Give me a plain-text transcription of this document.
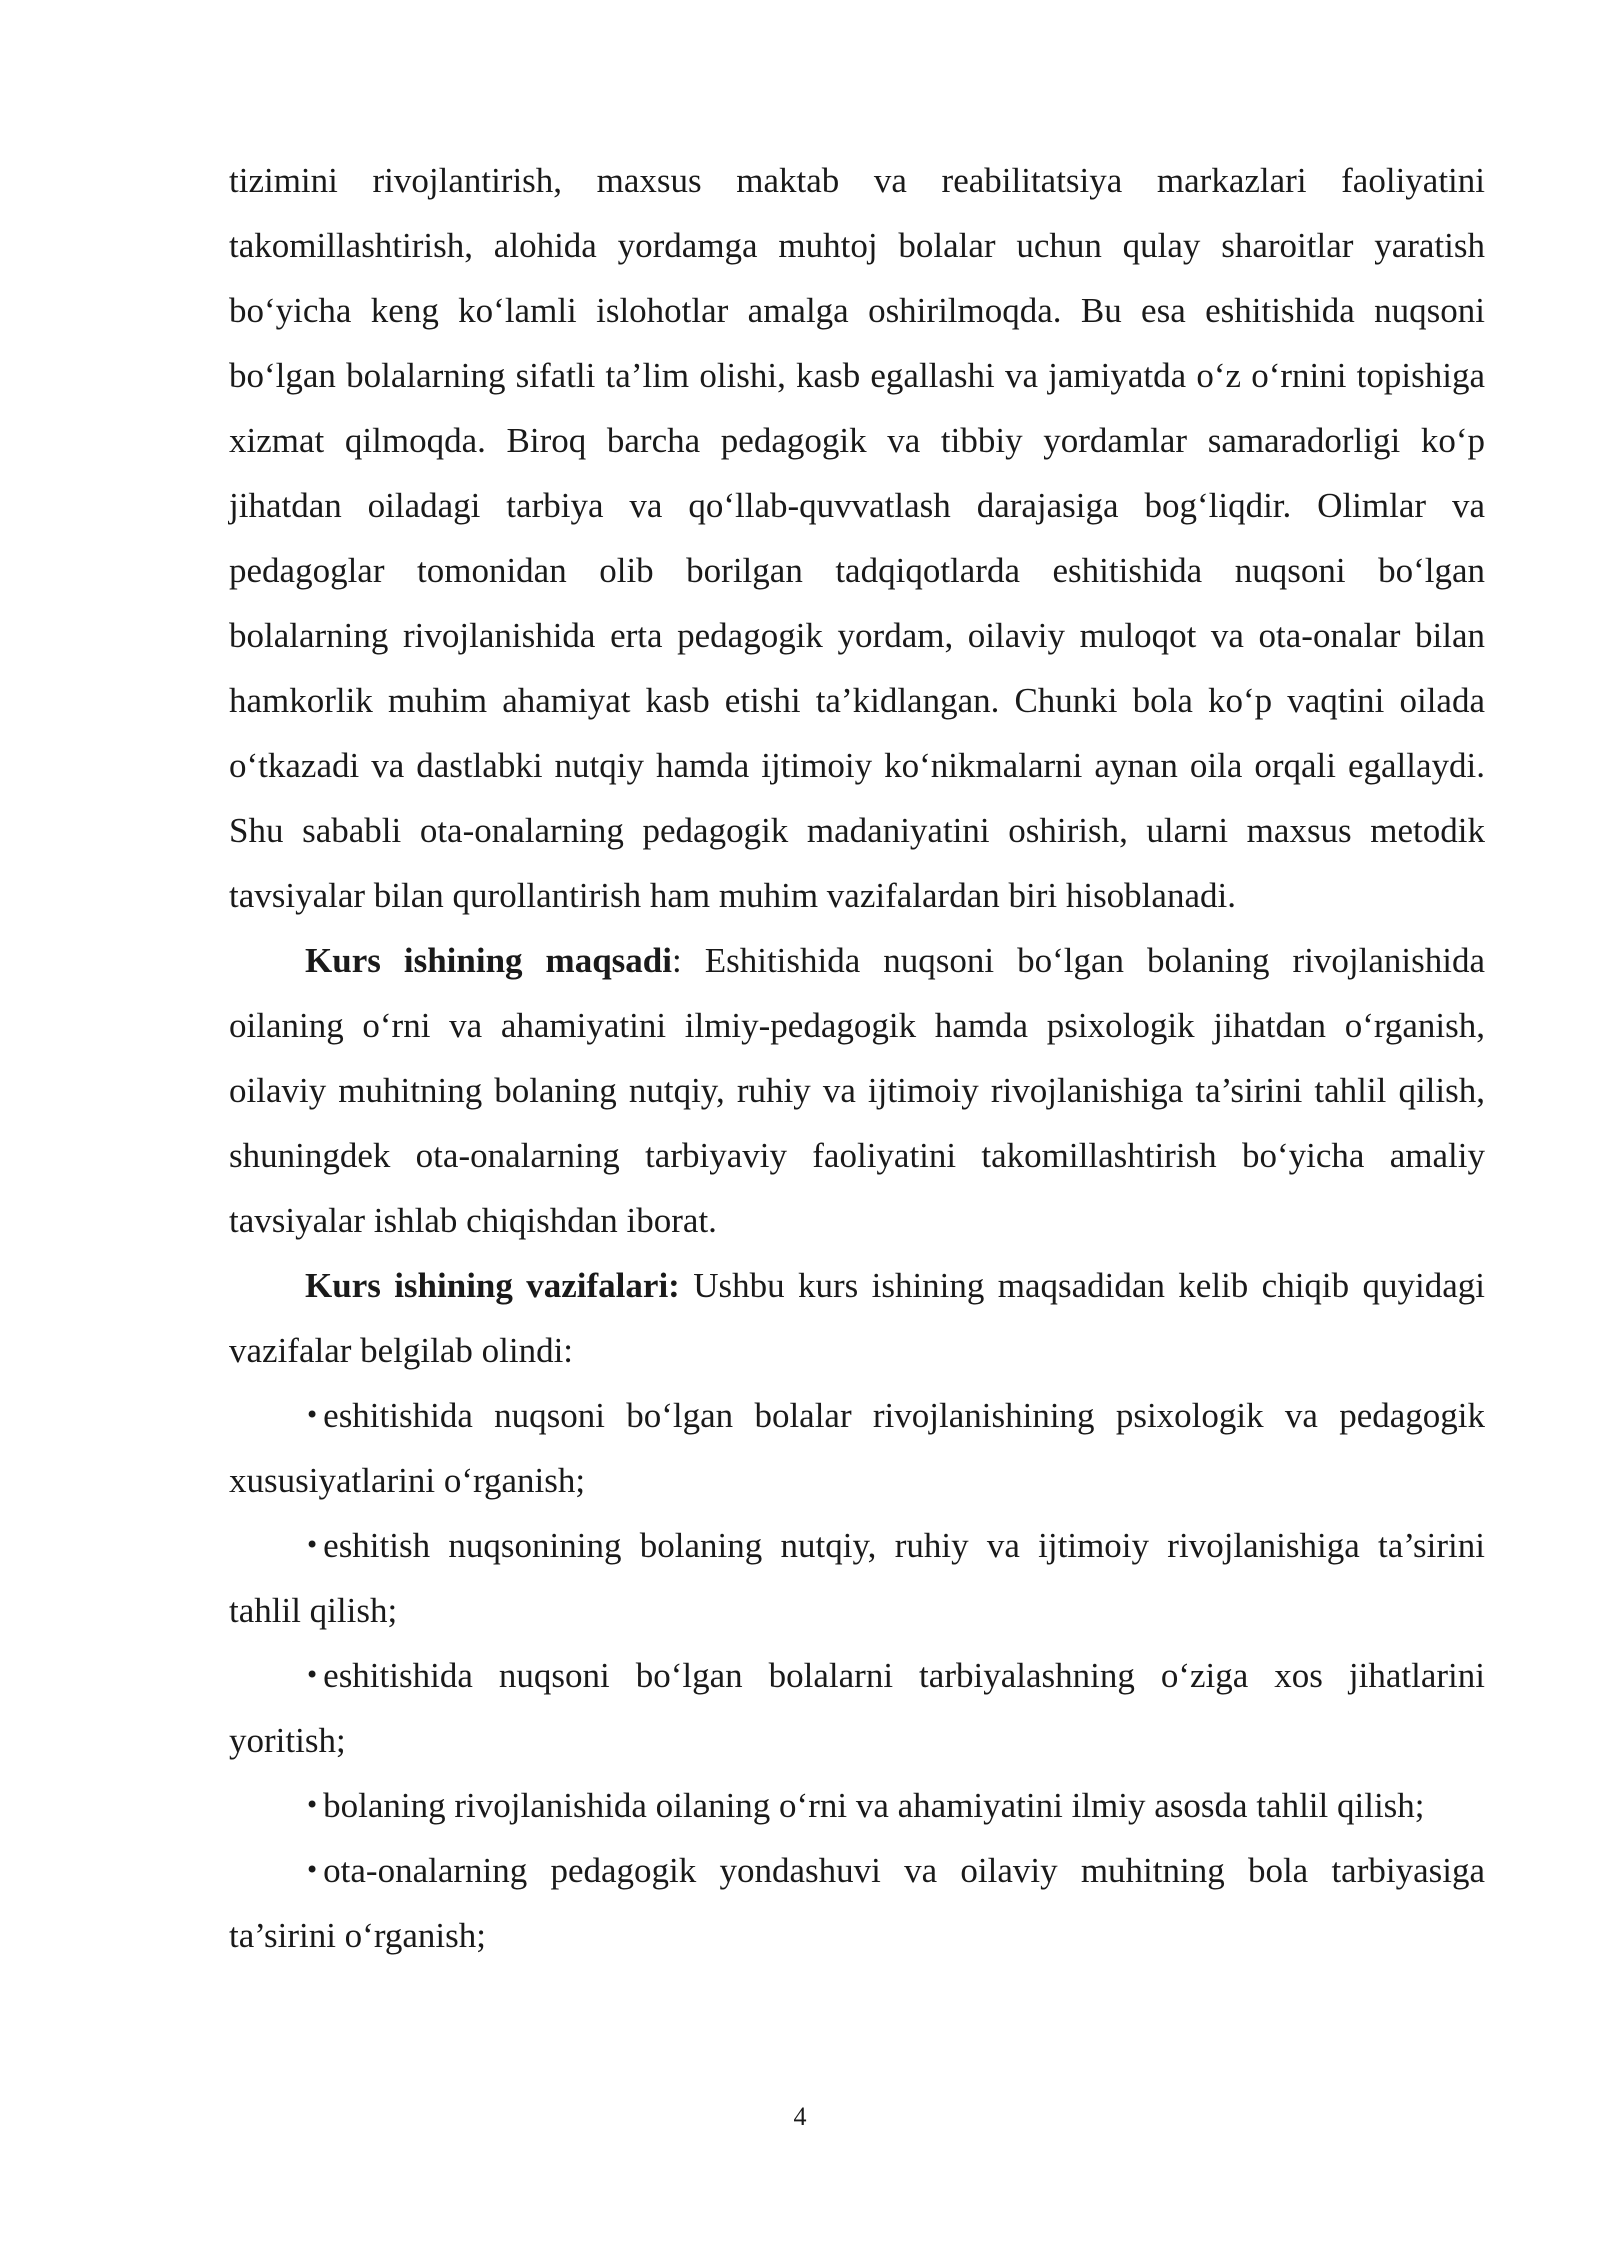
tizimini rivojlantirish, maxsus maktab va reabilitatsiya markazlari faoliyatini takomillashtirish, alohida yordamga muhtoj bolalar uchun qulay sharoitlar yaratish bo‘yicha keng ko‘lamli islohotlar amalga oshirilmoqda. Bu esa eshitishida nuqsoni bo‘lgan bolalarning sifatli ta’lim olishi, kasb egallashi va jamiyatda o‘z o‘rnini topishiga xizmat qilmoqda. Biroq barcha pedagogik va tibbiy yordamlar samaradorligi ko‘p jihatdan oiladagi tarbiya va qo‘llab-quvvatlash darajasiga bog‘liqdir. Olimlar va pedagoglar tomonidan olib borilgan tadqiqotlarda eshitishida nuqsoni bo‘lgan bolalarning rivojlanishida erta pedagogik yordam, oilaviy muloqot va ota-onalar bilan hamkorlik muhim ahamiyat kasb etishi ta’kidlangan. Chunki bola ko‘p vaqtini oilada o‘tkazadi va dastlabki nutqiy hamda ijtimoiy ko‘nikmalarni aynan oila orqali egallaydi. Shu sababli ota-onalarning pedagogik madaniyatini oshirish, ularni maxsus metodik tavsiyalar bilan qurollantirish ham muhim vazifalardan biri hisoblanadi.

Kurs ishining maqsadi: Eshitishida nuqsoni bo‘lgan bolaning rivojlanishida oilaning o‘rni va ahamiyatini ilmiy-pedagogik hamda psixologik jihatdan o‘rganish, oilaviy muhitning bolaning nutqiy, ruhiy va ijtimoiy rivojlanishiga ta’sirini tahlil qilish, shuningdek ota-onalarning tarbiyaviy faoliyatini takomillashtirish bo‘yicha amaliy tavsiyalar ishlab chiqishdan iborat.

Kurs ishining vazifalari: Ushbu kurs ishining maqsadidan kelib chiqib quyidagi vazifalar belgilab olindi:

• eshitishida nuqsoni bo‘lgan bolalar rivojlanishining psixologik va pedagogik xususiyatlarini o‘rganish;

• eshitish nuqsonining bolaning nutqiy, ruhiy va ijtimoiy rivojlanishiga ta’sirini tahlil qilish;

• eshitishida nuqsoni bo‘lgan bolalarni tarbiyalashning o‘ziga xos jihatlarini yoritish;

• bolaning rivojlanishida oilaning o‘rni va ahamiyatini ilmiy asosda tahlil qilish;

• ota-onalarning pedagogik yondashuvi va oilaviy muhitning bola tarbiyasiga ta’sirini o‘rganish;

4
